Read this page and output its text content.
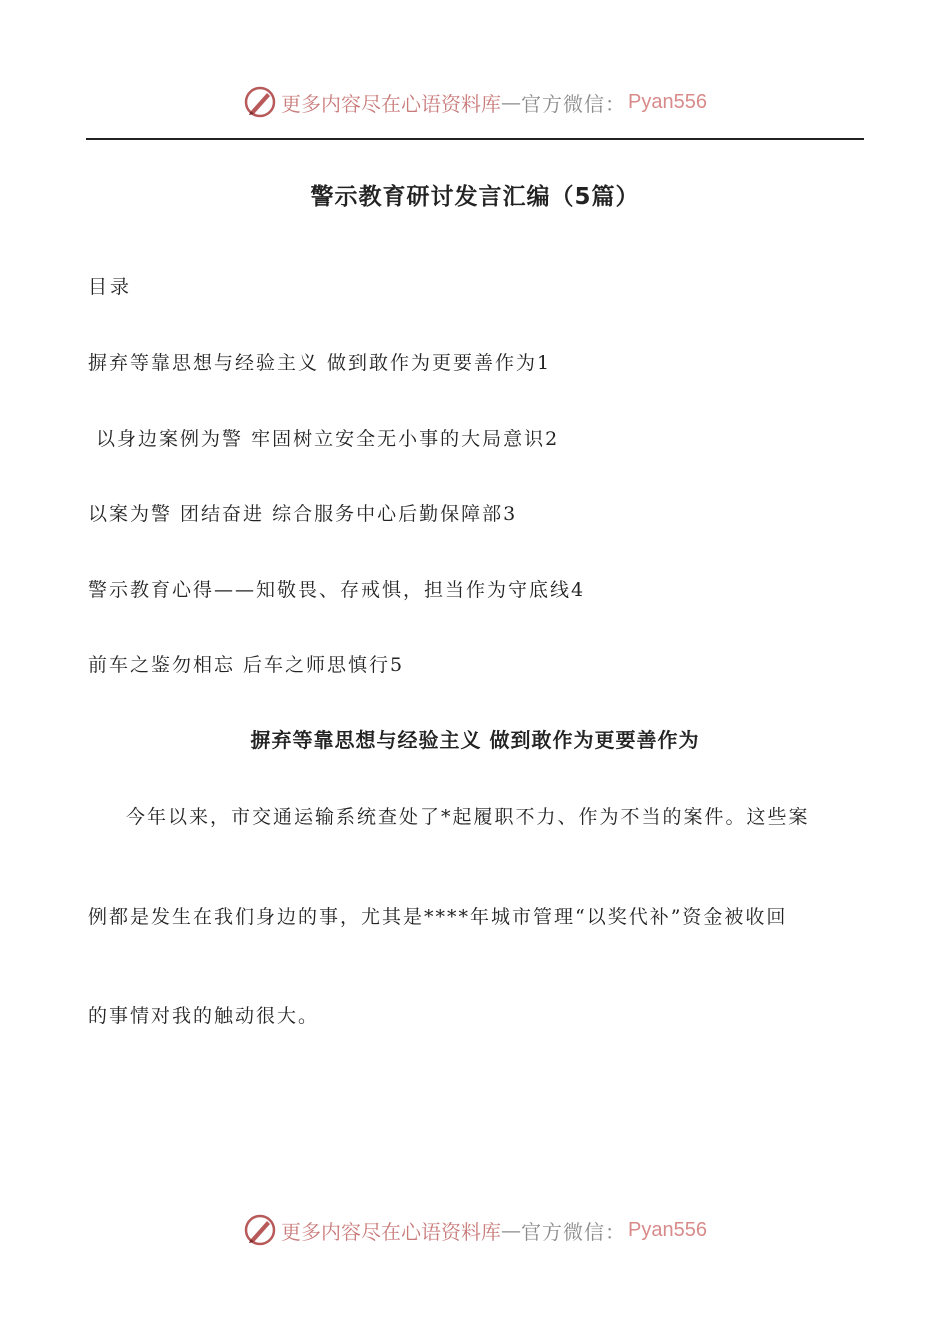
更多内容尽在心语资料库 — 官方微信： Pyan556
警示教育研讨发言汇编（5篇）
目录
摒弃等靠思想与经验主义 做到敢作为更要善作为1
以身边案例为警 牢固树立安全无小事的大局意识2
以案为警 团结奋进 综合服务中心后勤保障部3
警示教育心得——知敬畏、存戒惧，担当作为守底线4
前车之鉴勿相忘 后车之师思慎行5
摒弃等靠思想与经验主义 做到敢作为更要善作为
今年以来，市交通运输系统查处了*起履职不力、作为不当的案件。这些案
例都是发生在我们身边的事，尤其是****年城市管理“以奖代补”资金被收回
的事情对我的触动很大。
更多内容尽在心语资料库 — 官方微信： Pyan556
